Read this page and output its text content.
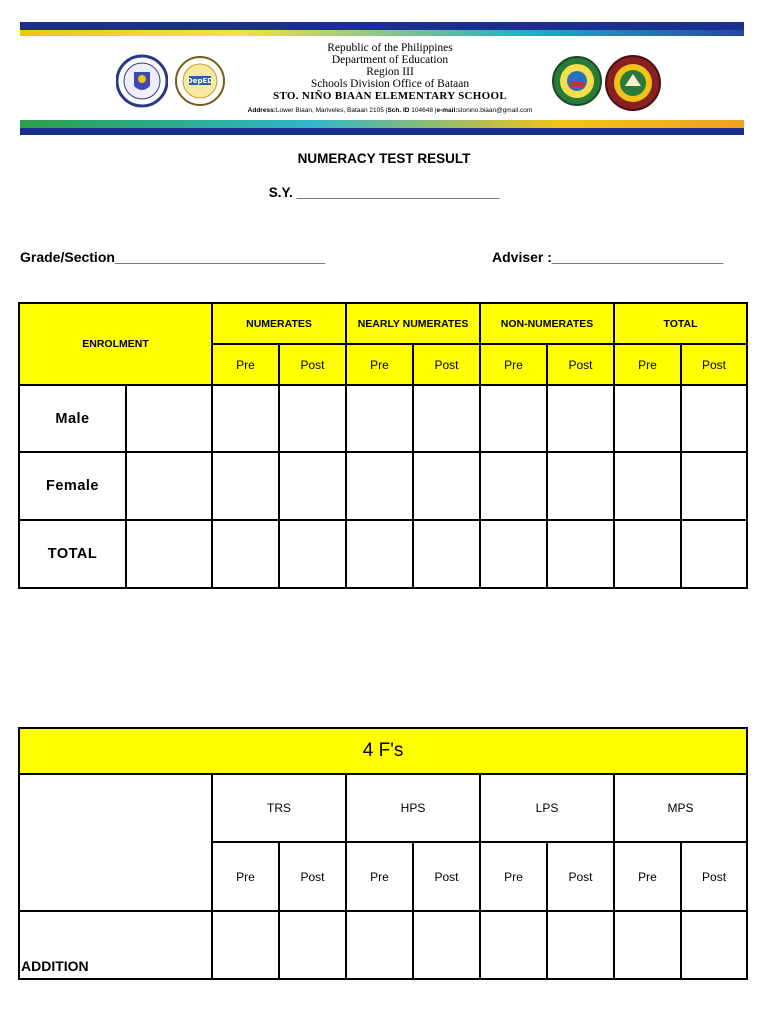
DepED
Republic of the Philippines
Department of Education
Region III
Schools Division Office of Bataan
STO. NIÑO BIAAN ELEMENTARY SCHOOL
Address:Lower Biaan, Mariveles, Bataan 2105 |Sch. ID 104648 |e-mail:stonino.biaan@gmail.com
NUMERACY TEST RESULT
S.Y. ___________________________
Grade/Section___________________________	Adviser :______________________
ENROLMENT		NUMERATES		NEARLY NUMERATES		NON-NUMERATES		TOTAL	
		Pre	Post	Pre	Post	Pre	Post	Pre	Post
Male									
Female									
TOTAL									
4 F's								
	TRS		HPS		LPS		MPS	
	Pre	Post	Pre	Post	Pre	Post	Pre	Post
ADDITION								
